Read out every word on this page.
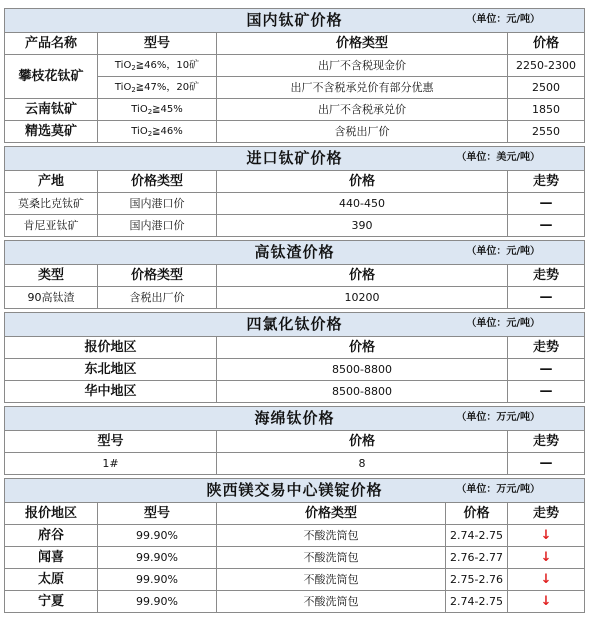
国内钛矿价格 （单位：元/吨）				

产品名称	型号	价格类型		价格
攀枝花钛矿	TiO$_2$≧46%，10矿	出厂不含税现金价		2250-2300
	TiO$_2$≧47%，20矿	出厂不含税承兑价有部分优惠		2500
云南钛矿	TiO$_2$≧45%	出厂不含税承兑价		1850
精选莫矿	TiO$_2$≧46%	含税出厂价		2550

进口钛矿价格 （单位：美元/吨）				

产地	价格类型	价格		走势
莫桑比克钛矿	国内港口价	440-450		—
肯尼亚钛矿	国内港口价	390		—

高钛渣价格 （单位：元/吨）				

类型	价格类型	价格		走势
90高钛渣	含税出厂价	10200		—

四氯化钛价格 （单位：元/吨）				

报价地区		价格		走势
东北地区		8500-8800		—
华中地区		8500-8800		—

海绵钛价格 （单位：万元/吨）				

型号		价格		走势
1#		8		—

陕西镁交易中心镁锭价格 （单位：万元/吨）				

报价地区	型号	价格类型	价格	走势
府谷	99.90%	不酸洗筒包	2.74-2.75	↓
闻喜	99.90%	不酸洗筒包	2.76-2.77	↓
太原	99.90%	不酸洗筒包	2.75-2.76	↓
宁夏	99.90%	不酸洗筒包	2.74-2.75	↓
